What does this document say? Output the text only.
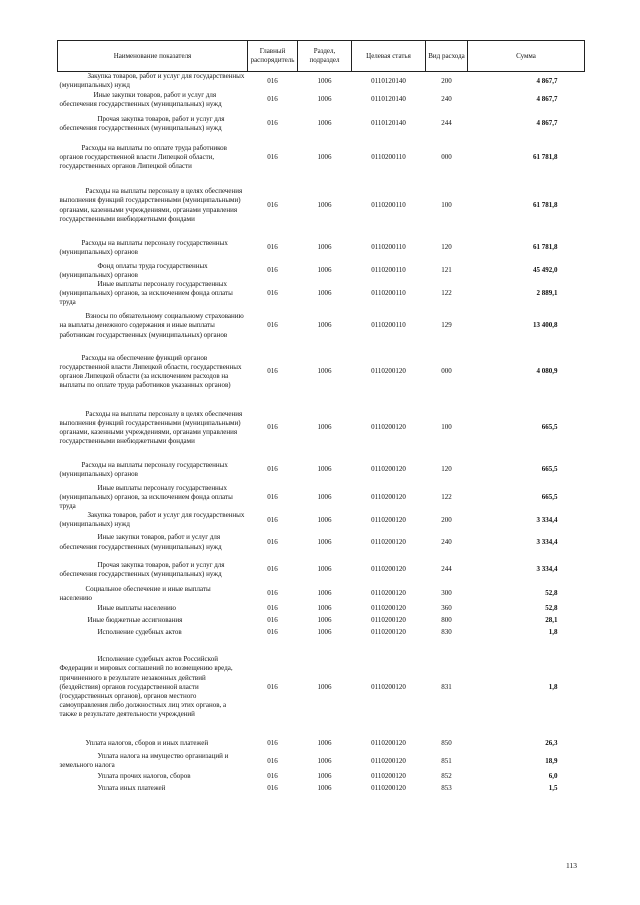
Наименование показателя	Главный распорядитель	Раздел, подраздел	Целевая статья	Вид расхода	Сумма
Закупка товаров, работ и услуг для государственных (муниципальных) нужд	016	1006	0110120140	200	4 867,7
Иные закупки товаров, работ и услуг для обеспечения государственных (муниципальных) нужд	016	1006	0110120140	240	4 867,7
Прочая закупка товаров, работ и услуг для обеспечения государственных (муниципальных) нужд	016	1006	0110120140	244	4 867,7
Расходы на выплаты по оплате труда работников органов государственной власти Липецкой области, государственных органов Липецкой области	016	1006	0110200110	000	61 781,8
Расходы на выплаты персоналу в целях обеспечения выполнения функций государственными (муниципальными) органами, казенными учреждениями, органами управления государственными внебюджетными фондами	016	1006	0110200110	100	61 781,8
Расходы на выплаты персоналу государственных (муниципальных) органов	016	1006	0110200110	120	61 781,8
Фонд оплаты труда государственных (муниципальных) органов	016	1006	0110200110	121	45 492,0
Иные выплаты персоналу государственных (муниципальных) органов, за исключением фонда оплаты труда	016	1006	0110200110	122	2 889,1
Взносы по обязательному социальному страхованию на выплаты денежного содержания и иные выплаты работникам государственных (муниципальных) органов	016	1006	0110200110	129	13 400,8
Расходы на обеспечение функций органов государственной власти Липецкой области, государственных органов Липецкой области (за исключением расходов на выплаты по оплате труда работников указанных органов)	016	1006	0110200120	000	4 080,9
Расходы на выплаты персоналу в целях обеспечения выполнения функций государственными (муниципальными) органами, казенными учреждениями, органами управления государственными внебюджетными фондами	016	1006	0110200120	100	665,5
Расходы на выплаты персоналу государственных (муниципальных) органов	016	1006	0110200120	120	665,5
Иные выплаты персоналу государственных (муниципальных) органов, за исключением фонда оплаты труда	016	1006	0110200120	122	665,5
Закупка товаров, работ и услуг для государственных (муниципальных) нужд	016	1006	0110200120	200	3 334,4
Иные закупки товаров, работ и услуг для обеспечения государственных (муниципальных) нужд	016	1006	0110200120	240	3 334,4
Прочая закупка товаров, работ и услуг для обеспечения государственных (муниципальных) нужд	016	1006	0110200120	244	3 334,4
Социальное обеспечение и иные выплаты населению	016	1006	0110200120	300	52,8
Иные выплаты населению	016	1006	0110200120	360	52,8
Иные бюджетные ассигнования	016	1006	0110200120	800	28,1
Исполнение судебных актов	016	1006	0110200120	830	1,8
Исполнение судебных актов Российской Федерации и мировых соглашений по возмещению вреда, причиненного в результате незаконных действий (бездействия) органов государственной власти (государственных органов), органов местного самоуправления либо должностных лиц этих органов, а также в результате деятельности учреждений	016	1006	0110200120	831	1,8
Уплата налогов, сборов и иных платежей	016	1006	0110200120	850	26,3
Уплата налога на имущество организаций и земельного налога	016	1006	0110200120	851	18,9
Уплата прочих налогов, сборов	016	1006	0110200120	852	6,0
Уплата иных платежей	016	1006	0110200120	853	1,5
113
